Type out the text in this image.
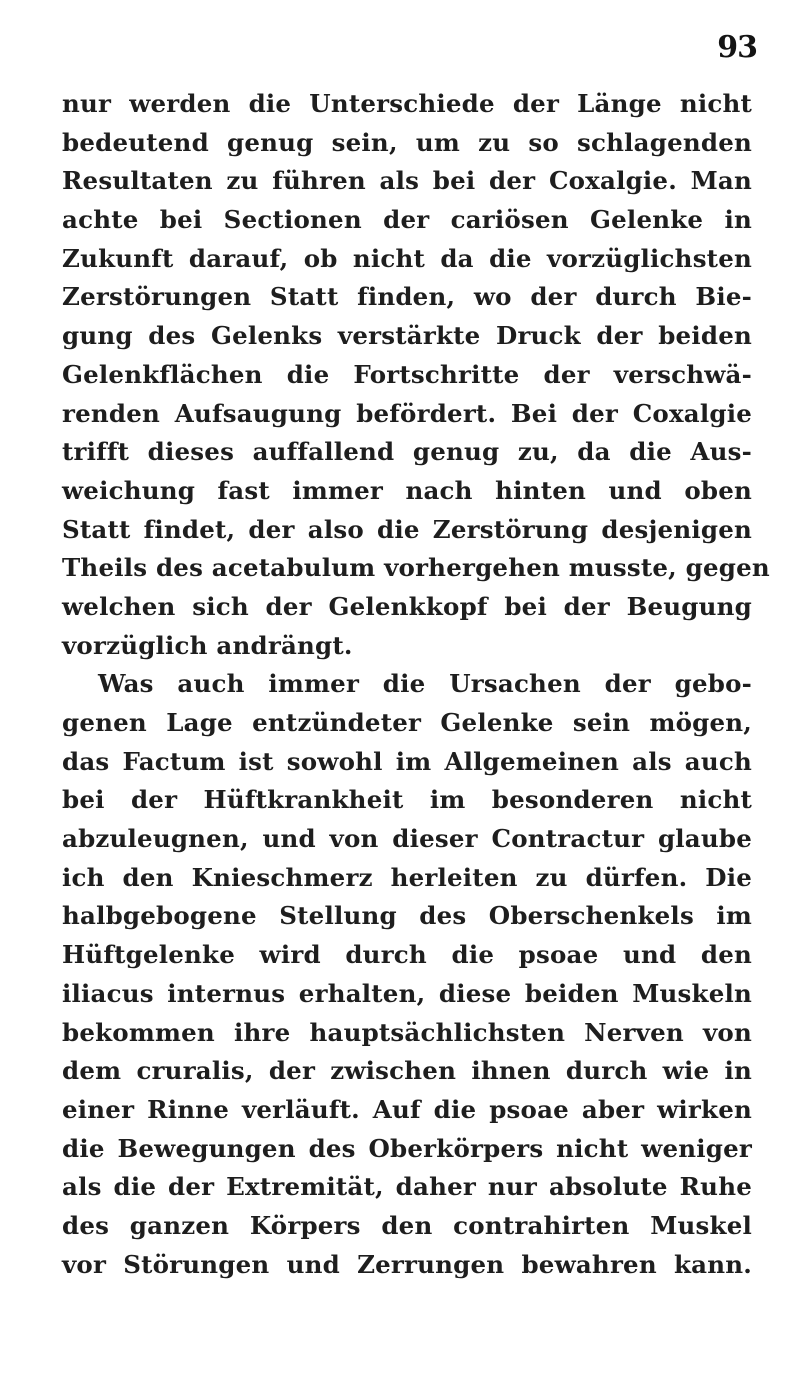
93
nur werden die Unterschiede der Länge nicht
bedeutend genug sein, um zu so schlagenden
Resultaten zu führen als bei der Coxalgie. Man
achte bei Sectionen der cariösen Gelenke in
Zukunft darauf, ob nicht da die vorzüglichsten
Zerstörungen Statt finden, wo der durch Bie-
gung des Gelenks verstärkte Druck der beiden
Gelenkflächen die Fortschritte der verschwä-
renden Aufsaugung befördert. Bei der Coxalgie
trifft dieses auffallend genug zu, da die Aus-
weichung fast immer nach hinten und oben
Statt findet, der also die Zerstörung desjenigen
Theils des acetabulum vorhergehen musste, gegen
welchen sich der Gelenkkopf bei der Beugung
vorzüglich andrängt.
Was auch immer die Ursachen der gebo-
genen Lage entzündeter Gelenke sein mögen,
das Factum ist sowohl im Allgemeinen als auch
bei der Hüftkrankheit im besonderen nicht
abzuleugnen, und von dieser Contractur glaube
ich den Knieschmerz herleiten zu dürfen. Die
halbgebogene Stellung des Oberschenkels im
Hüftgelenke wird durch die psoae und den
iliacus internus erhalten, diese beiden Muskeln
bekommen ihre hauptsächlichsten Nerven von
dem cruralis, der zwischen ihnen durch wie in
einer Rinne verläuft. Auf die psoae aber wirken
die Bewegungen des Oberkörpers nicht weniger
als die der Extremität, daher nur absolute Ruhe
des ganzen Körpers den contrahirten Muskel
vor Störungen und Zerrungen bewahren kann.
